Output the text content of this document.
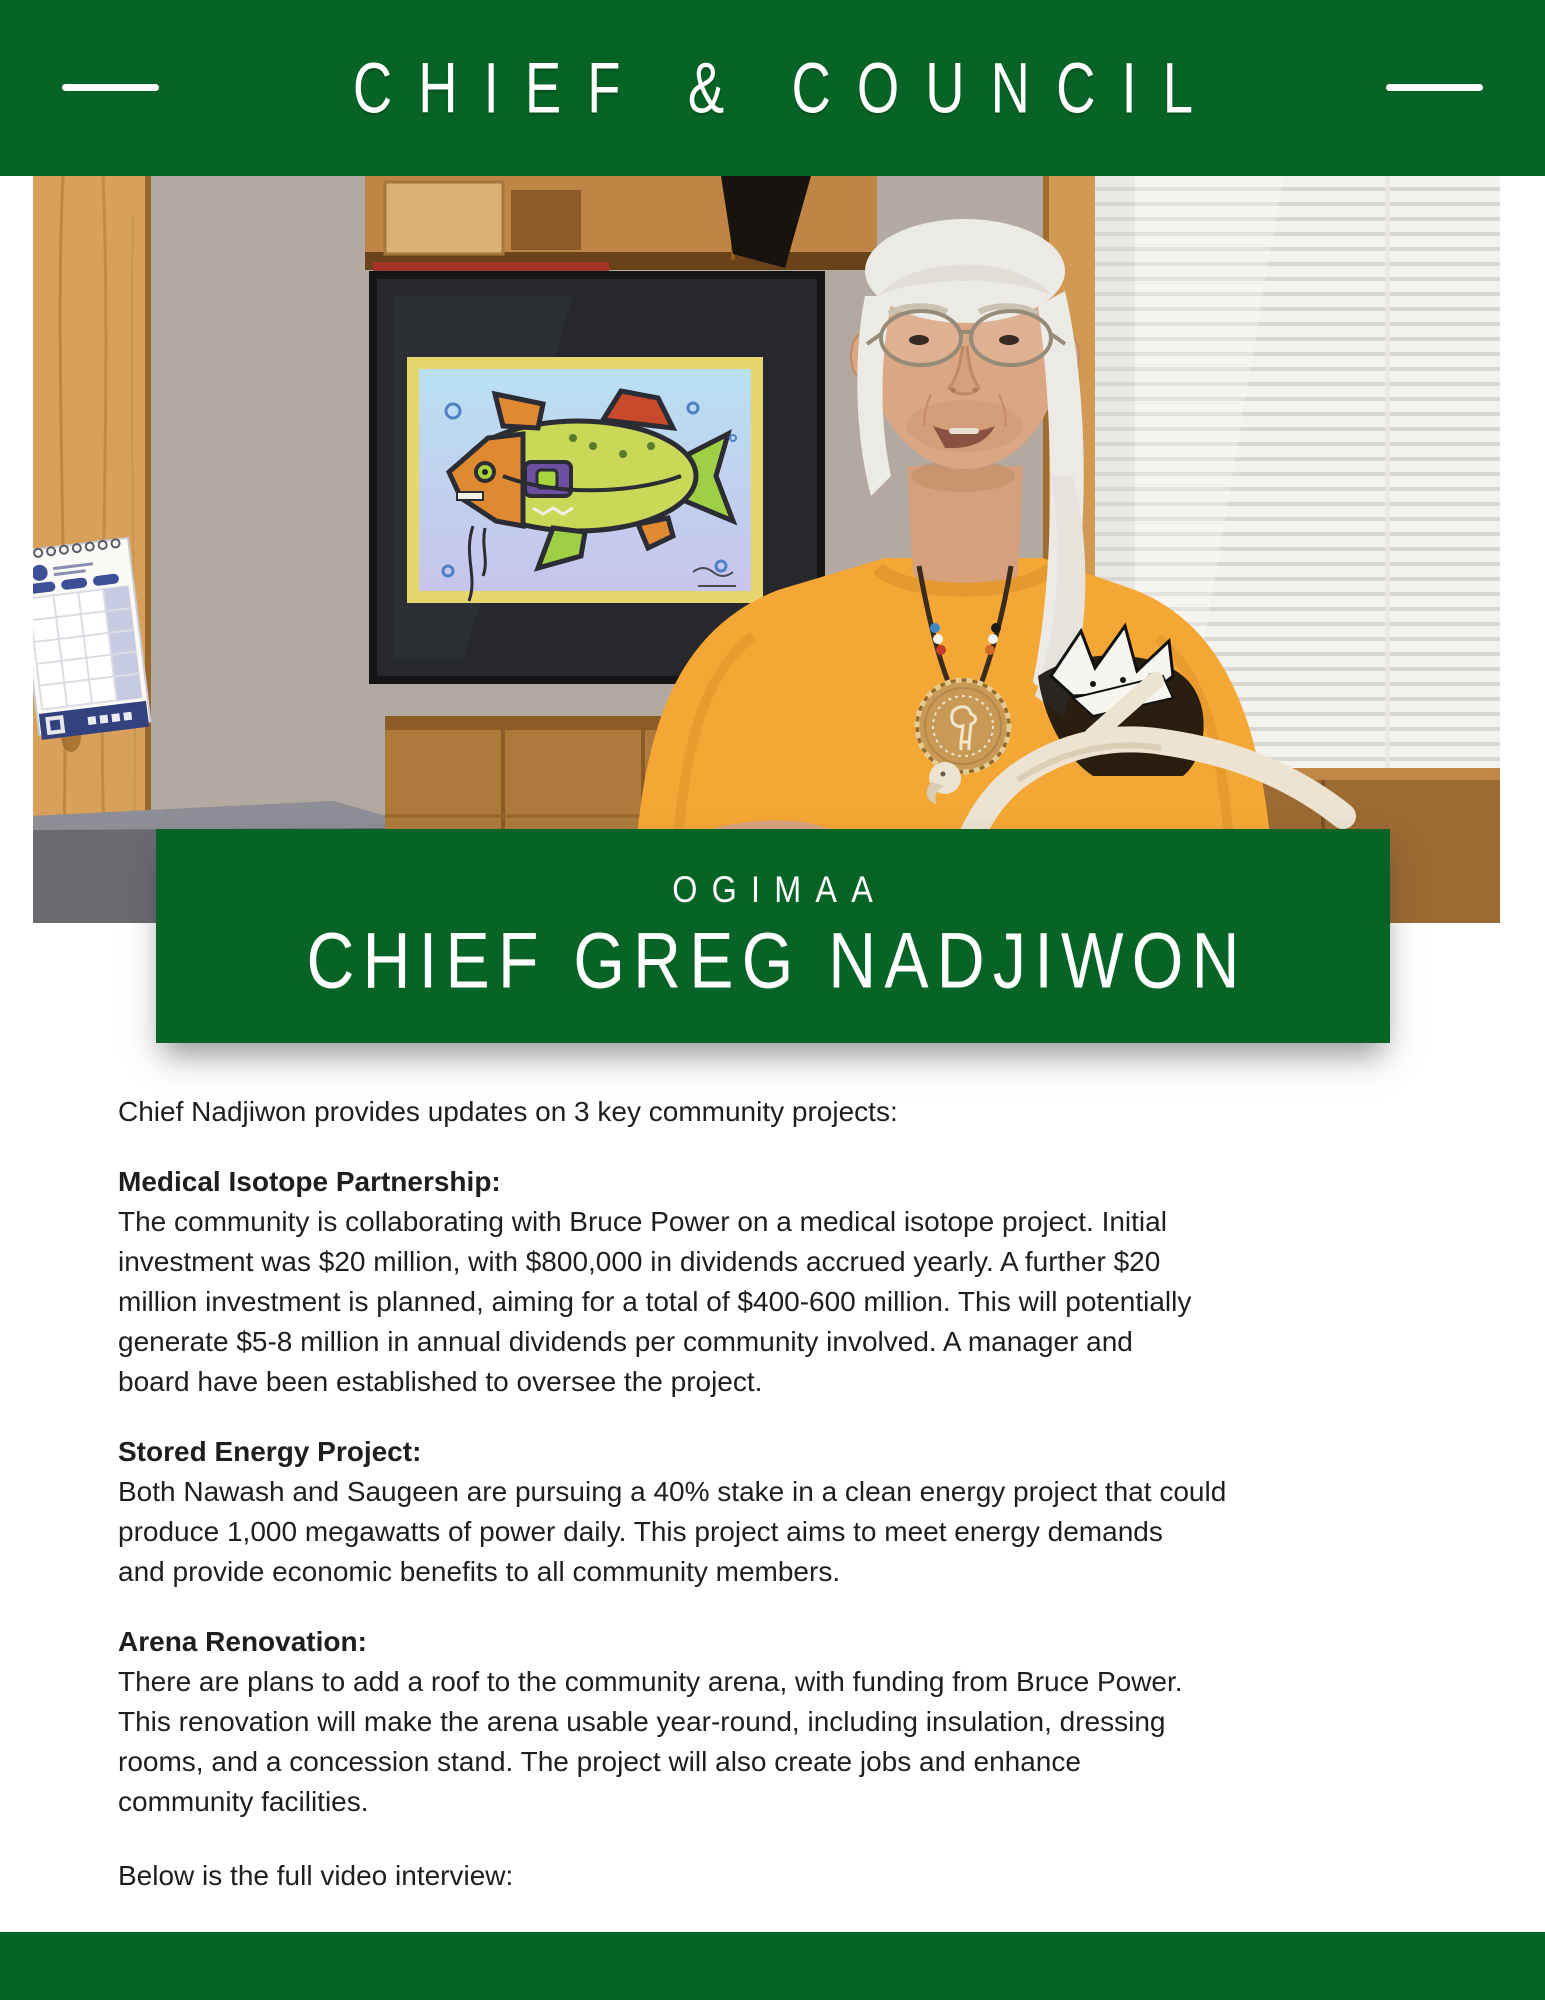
CHIEF & COUNCIL
OGIMAA
CHIEF GREG NADJIWON
Chief Nadjiwon provides updates on 3 key community projects:
Medical Isotope Partnership:
The community is collaborating with Bruce Power on a medical isotope project. Initial
investment was $20 million, with $800,000 in dividends accrued yearly. A further $20
million investment is planned, aiming for a total of $400-600 million. This will potentially
generate $5-8 million in annual dividends per community involved. A manager and
board have been established to oversee the project.
Stored Energy Project:
Both Nawash and Saugeen are pursuing a 40% stake in a clean energy project that could
produce 1,000 megawatts of power daily. This project aims to meet energy demands
and provide economic benefits to all community members.
Arena Renovation:
There are plans to add a roof to the community arena, with funding from Bruce Power.
This renovation will make the arena usable year-round, including insulation, dressing
rooms, and a concession stand. The project will also create jobs and enhance
community facilities.
Below is the full video interview:
